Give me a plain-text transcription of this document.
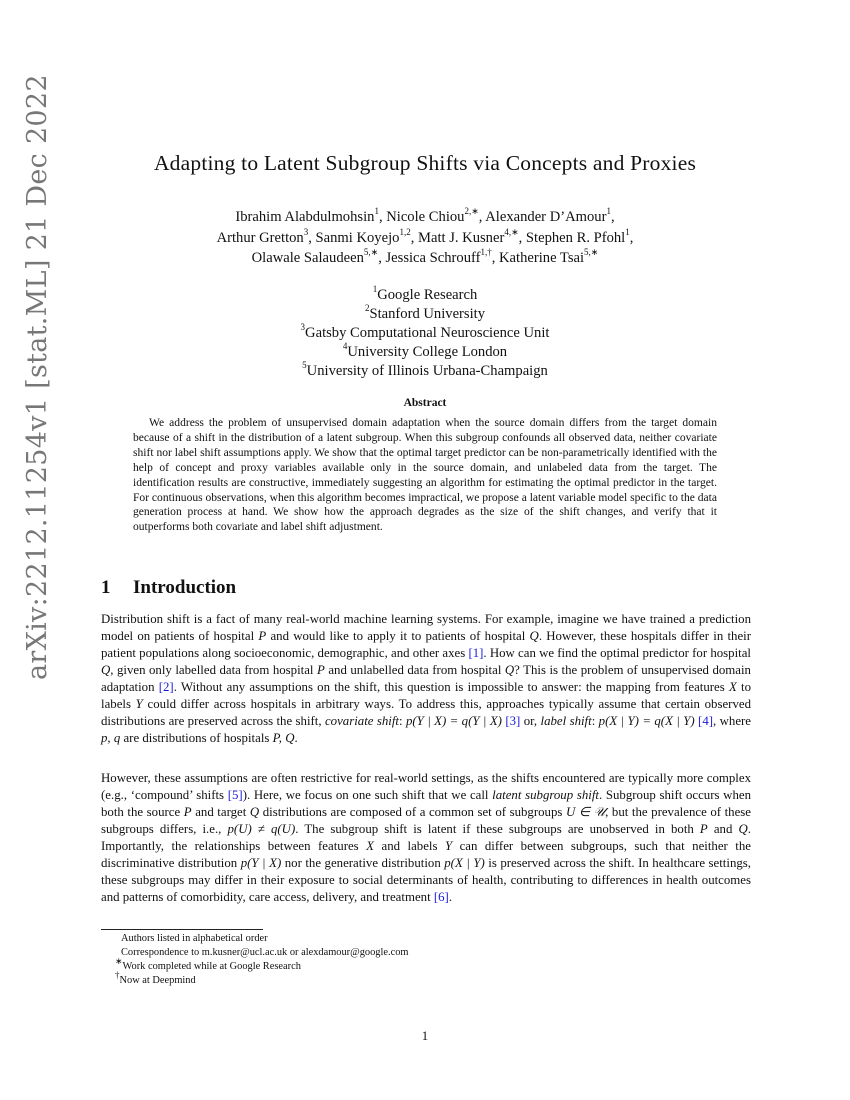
arXiv:2212.11254v1 [stat.ML] 21 Dec 2022	Adapting to Latent Subgroup Shifts via Concepts and Proxies
Ibrahim Alabdulmohsin$^1$, Nicole Chiou$^{2,∗}$, Alexander D’Amour$^1$,
Arthur Gretton$^3$, Sanmi Koyejo$^{1,2}$, Matt J. Kusner$^{4,∗}$, Stephen R. Pfohl$^1$,
Olawale Salaudeen$^{5,∗}$, Jessica Schrouff$^{1,\dagger}$, Katherine Tsai$^{5,∗}$
$^1$Google Research
$^2$Stanford University
$^3$Gatsby Computational Neuroscience Unit
$^4$University College London
$^5$University of Illinois Urbana-Champaign
Abstract

We address the problem of unsupervised domain adaptation when the source domain differs from the target domain because of a shift in the distribution of a latent subgroup. When this subgroup confounds all observed data, neither covariate shift nor label shift assumptions apply. We show that the optimal target predictor can be non-parametrically identified with the help of concept and proxy variables available only in the source domain, and unlabeled data from the target. The identification results are constructive, immediately suggesting an algorithm for estimating the optimal predictor in the target. For continuous observations, when this algorithm becomes impractical, we propose a latent variable model specific to the data generation process at hand. We show how the approach degrades as the size of the shift changes, and verify that it outperforms both covariate and label shift adjustment.

1 Introduction

Distribution shift is a fact of many real-world machine learning systems. For example, imagine we have trained a prediction model on patients of hospital P and would like to apply it to patients of hospital Q. However, these hospitals differ in their patient populations along socioeconomic, demographic, and other axes [1]. How can we find the optimal predictor for hospital Q, given only labelled data from hospital P and unlabelled data from hospital Q? This is the problem of unsupervised domain adaptation [2]. Without any assumptions on the shift, this question is impossible to answer: the mapping from features X to labels Y could differ across hospitals in arbitrary ways. To address this, approaches typically assume that certain observed distributions are preserved across the shift, covariate shift: p(Y | X) = q(Y | X) [3] or, label shift: p(X | Y) = q(X | Y) [4], where p, q are distributions of hospitals P, Q.

However, these assumptions are often restrictive for real-world settings, as the shifts encountered are typically more complex (e.g., ‘compound’ shifts [5]). Here, we focus on one such shift that we call latent subgroup shift. Subgroup shift occurs when both the source P and target Q distributions are composed of a common set of subgroups U ∈ 𝒰, but the prevalence of these subgroups differs, i.e., p(U) ≠ q(U). The subgroup shift is latent if these subgroups are unobserved in both P and Q. Importantly, the relationships between features X and labels Y can differ between subgroups, such that neither the discriminative distribution p(Y | X) nor the generative distribution p(X | Y) is preserved across the shift. In healthcare settings, these subgroups may differ in their exposure to social determinants of health, contributing to differences in health outcomes and patterns of comorbidity, care access, delivery, and treatment [6].

Authors listed in alphabetical order
Correspondence to m.kusner@ucl.ac.uk or alexdamour@google.com
∗Work completed while at Google Research
†Now at Deepmind
1
